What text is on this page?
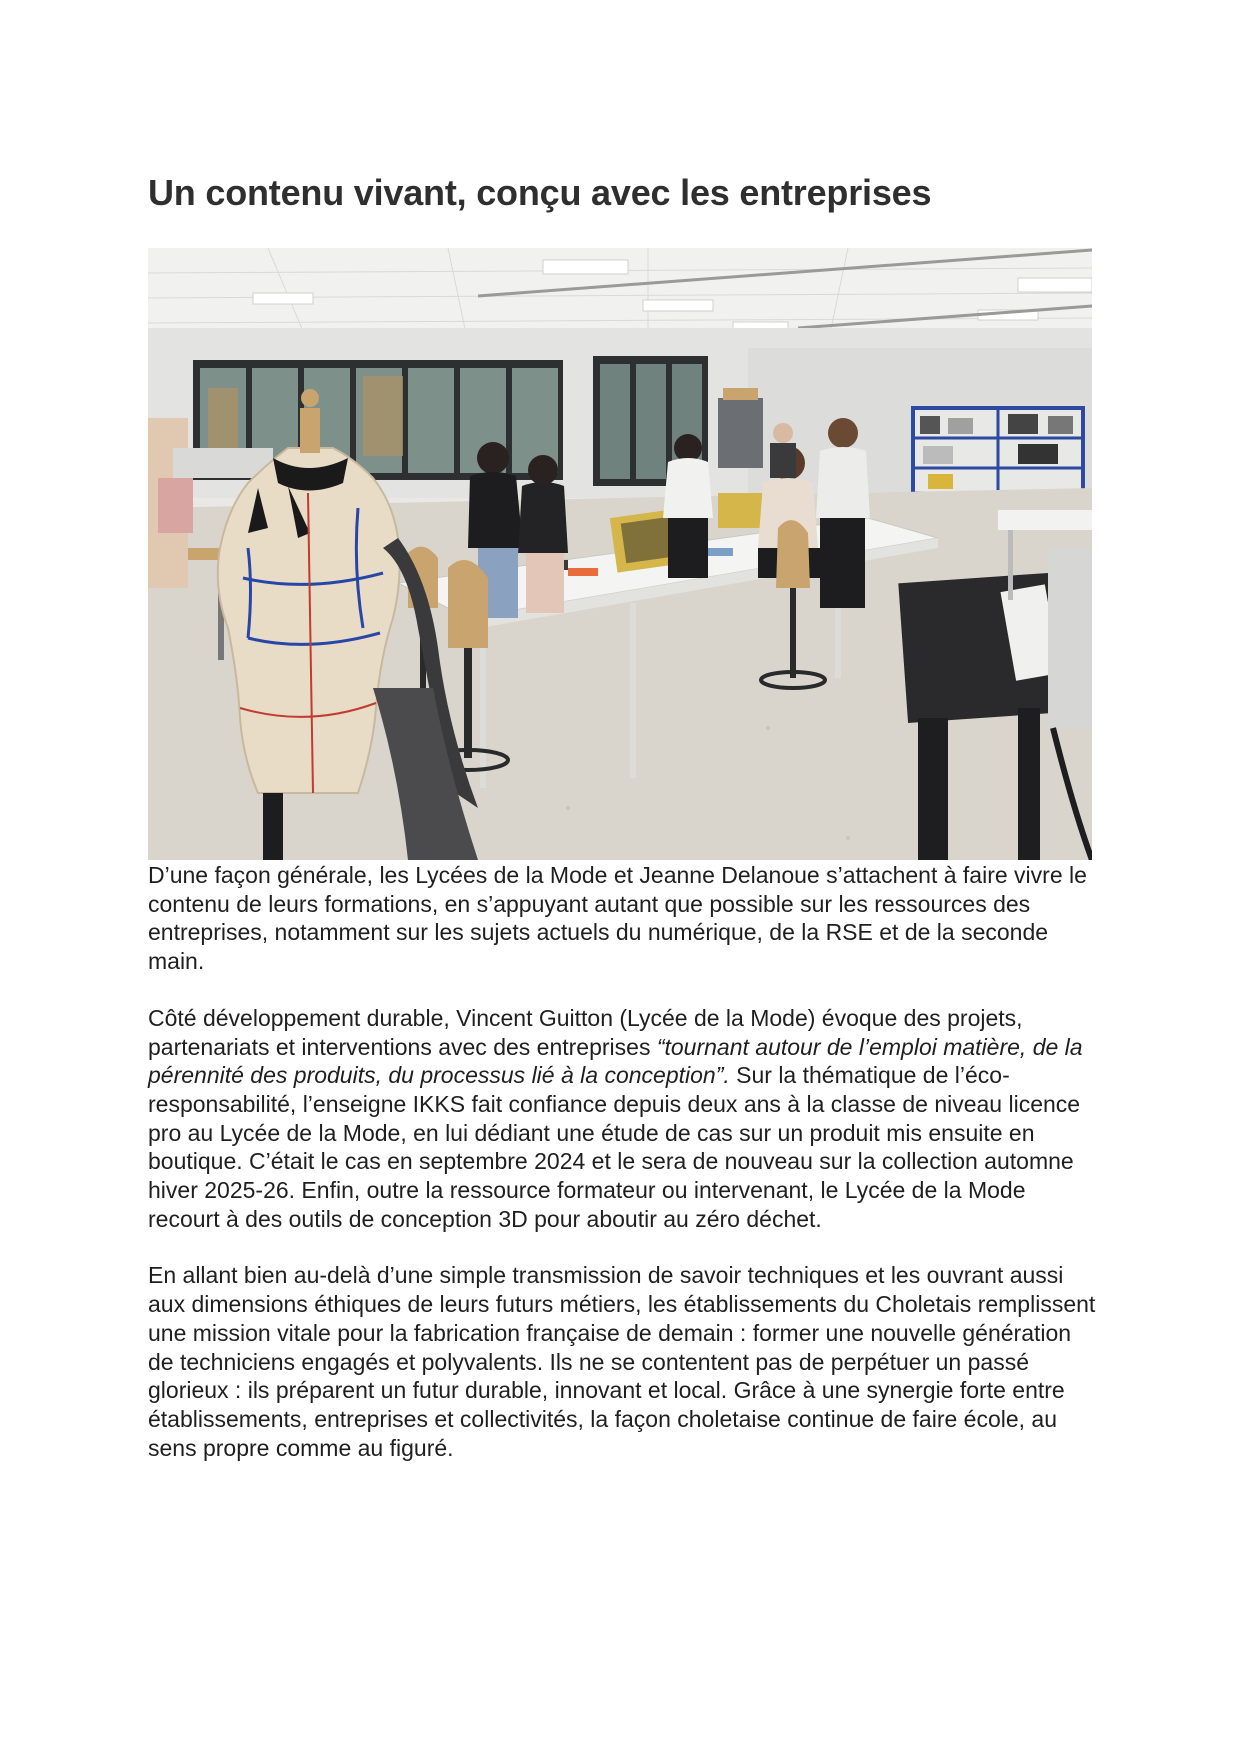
Un contenu vivant, conçu avec les entreprises

D’une façon générale, les Lycées de la Mode et Jeanne Delanoue s’attachent à faire vivre le contenu de leurs formations, en s’appuyant autant que possible sur les ressources des entreprises, notamment sur les sujets actuels du numérique, de la RSE et de la seconde main.

Côté développement durable, Vincent Guitton (Lycée de la Mode) évoque des projets, partenariats et interventions avec des entreprises “tournant autour de l’emploi matière, de la pérennité des produits, du processus lié à la conception”. Sur la thématique de l’éco-responsabilité, l’enseigne IKKS fait confiance depuis deux ans à la classe de niveau licence pro au Lycée de la Mode, en lui dédiant une étude de cas sur un produit mis ensuite en boutique. C’était le cas en septembre 2024 et le sera de nouveau sur la collection automne hiver 2025-26. Enfin, outre la ressource formateur ou intervenant, le Lycée de la Mode recourt à des outils de conception 3D pour aboutir au zéro déchet.

En allant bien au-delà d’une simple transmission de savoir techniques et les ouvrant aussi aux dimensions éthiques de leurs futurs métiers, les établissements du Choletais remplissent une mission vitale pour la fabrication française de demain : former une nouvelle génération de techniciens engagés et polyvalents. Ils ne se contentent pas de perpétuer un passé glorieux : ils préparent un futur durable, innovant et local. Grâce à une synergie forte entre établissements, entreprises et collectivités, la façon choletaise continue de faire école, au sens propre comme au figuré.
